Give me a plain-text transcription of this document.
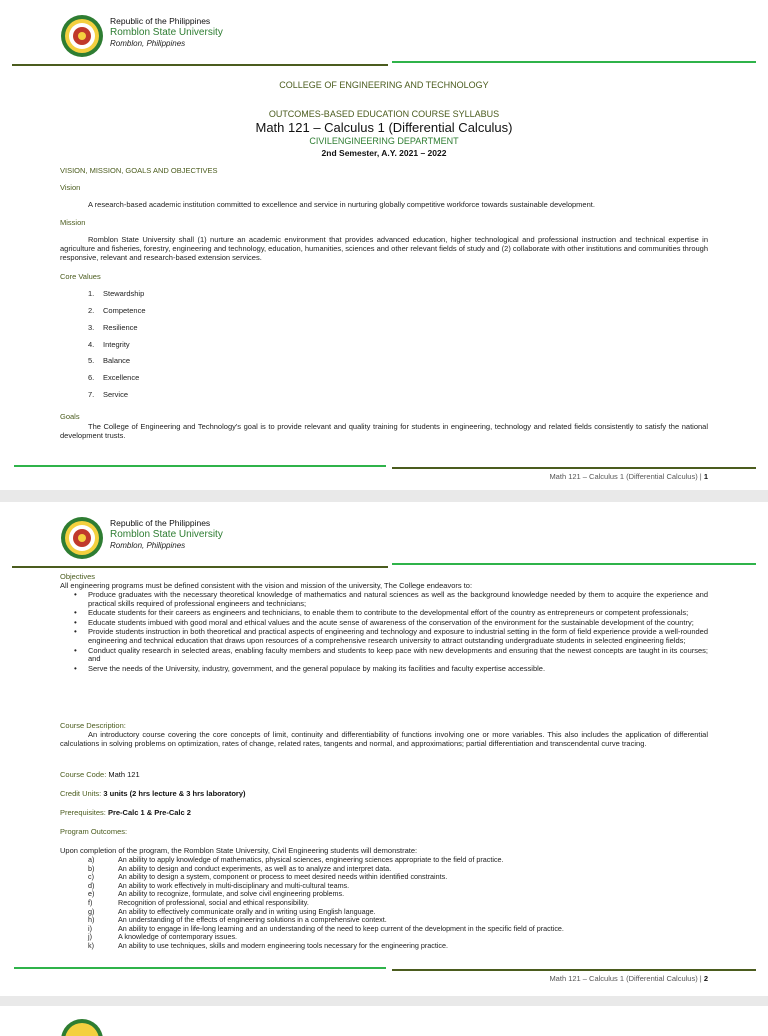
Republic of the Philippines
Romblon State University
Romblon, Philippines
COLLEGE OF ENGINEERING AND TECHNOLOGY
OUTCOMES-BASED EDUCATION COURSE SYLLABUS
Math 121 – Calculus 1 (Differential Calculus)
CIVILENGINEERING DEPARTMENT
2nd Semester, A.Y. 2021 – 2022
VISION, MISSION, GOALS AND OBJECTIVES
Vision
A research-based academic institution committed to excellence and service in nurturing globally competitive workforce towards sustainable development.
Mission
Romblon State University shall (1) nurture an academic environment that provides advanced education, higher technological and professional instruction and technical expertise in agriculture and fisheries, forestry, engineering and technology, education, humanities, sciences and other relevant fields of study and (2) collaborate with other institutions and communities through responsive, relevant and research-based extension services.
Core Values
1. Stewardship
2. Competence
3. Resilience
4. Integrity
5. Balance
6. Excellence
7. Service
Goals
The College of Engineering and Technology's goal is to provide relevant and quality training for students in engineering, technology and related fields consistently to satisfy the national development trusts.
Math 121 – Calculus 1 (Differential Calculus) | 1
Republic of the Philippines
Romblon State University
Romblon, Philippines
Objectives
All engineering programs must be defined consistent with the vision and mission of the university, The College endeavors to:
• Produce graduates with the necessary theoretical knowledge of mathematics and natural sciences as well as the background knowledge needed by them to acquire the experience and practical skills required of professional engineers and technicians;
• Educate students for their careers as engineers and technicians, to enable them to contribute to the developmental effort of the country as entrepreneurs or competent professionals;
• Educate students imbued with good moral and ethical values and the acute sense of awareness of the conservation of the environment for the sustainable development of the country;
• Provide students instruction in both theoretical and practical aspects of engineering and technology and exposure to industrial setting in the form of field experience provide a well-rounded engineering and technical education that draws upon resources of a comprehensive research university to attract outstanding undergraduate students in selected engineering fields;
• Conduct quality research in selected areas, enabling faculty members and students to keep pace with new developments and ensuring that the newest concepts are taught in its courses; and
• Serve the needs of the University, industry, government, and the general populace by making its facilities and faculty expertise accessible.
Course Description:
An introductory course covering the core concepts of limit, continuity and differentiability of functions involving one or more variables. This also includes the application of differential calculations in solving problems on optimization, rates of change, related rates, tangents and normal, and approximations; partial differentiation and transcendental curve tracing.
Course Code: Math 121
Credit Units: 3 units (2 hrs lecture & 3 hrs laboratory)
Prerequisites: Pre-Calc 1 & Pre-Calc 2
Program Outcomes:
Upon completion of the program, the Romblon State University, Civil Engineering students will demonstrate:
a)	An ability to apply knowledge of mathematics, physical sciences, engineering sciences appropriate to the field of practice.
b)	An ability to design and conduct experiments, as well as to analyze and interpret data.
c)	An ability to design a system, component or process to meet desired needs within identified constraints.
d)	An ability to work effectively in multi-disciplinary and multi-cultural teams.
e)	An ability to recognize, formulate, and solve civil engineering problems.
f)	Recognition of professional, social and ethical responsibility.
g)	An ability to effectively communicate orally and in writing using English language.
h)	An understanding of the effects of engineering solutions in a comprehensive context.
i)	An ability to engage in life-long learning and an understanding of the need to keep current of the development in the specific field of practice.
j)	A knowledge of contemporary issues.
k)	An ability to use techniques, skills and modern engineering tools necessary for the engineering practice.
Math 121 – Calculus 1 (Differential Calculus) | 2
